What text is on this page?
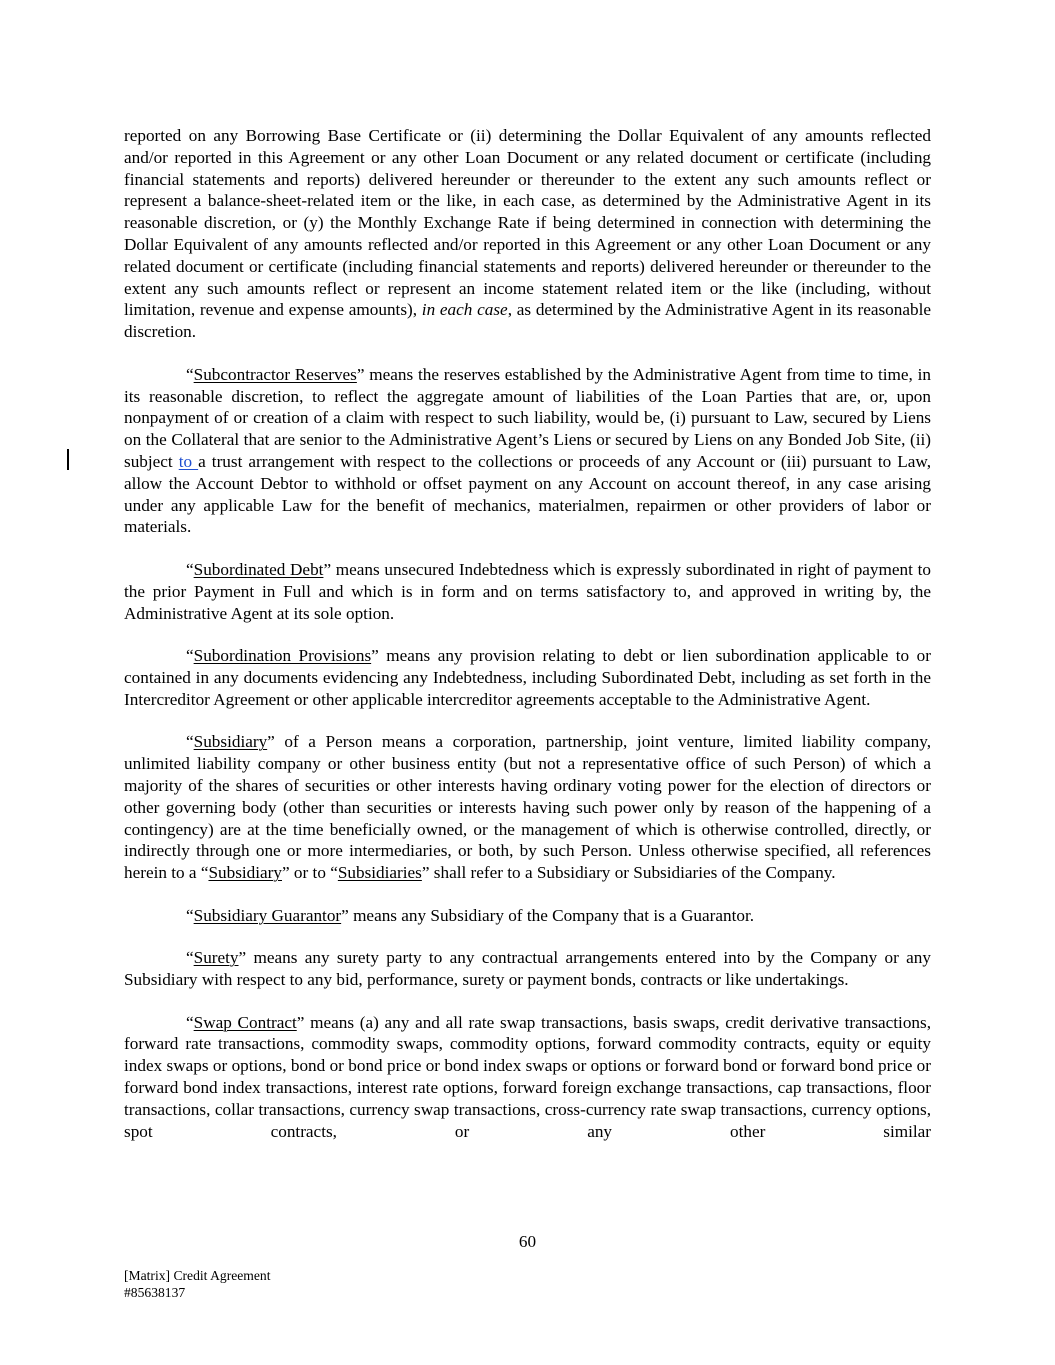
reported on any Borrowing Base Certificate or (ii) determining the Dollar Equivalent of any amounts reflected and/or reported in this Agreement or any other Loan Document or any related document or certificate (including financial statements and reports) delivered hereunder or thereunder to the extent any such amounts reflect or represent a balance-sheet-related item or the like, in each case, as determined by the Administrative Agent in its reasonable discretion, or (y) the Monthly Exchange Rate if being determined in connection with determining the Dollar Equivalent of any amounts reflected and/or reported in this Agreement or any other Loan Document or any related document or certificate (including financial statements and reports) delivered hereunder or thereunder to the extent any such amounts reflect or represent an income statement related item or the like (including, without limitation, revenue and expense amounts), in each case, as determined by the Administrative Agent in its reasonable discretion.

“Subcontractor Reserves” means the reserves established by the Administrative Agent from time to time, in its reasonable discretion, to reflect the aggregate amount of liabilities of the Loan Parties that are, or, upon nonpayment of or creation of a claim with respect to such liability, would be, (i) pursuant to Law, secured by Liens on the Collateral that are senior to the Administrative Agent’s Liens or secured by Liens on any Bonded Job Site, (ii) subject to a trust arrangement with respect to the collections or proceeds of any Account or (iii) pursuant to Law, allow the Account Debtor to withhold or offset payment on any Account on account thereof, in any case arising under any applicable Law for the benefit of mechanics, materialmen, repairmen or other providers of labor or materials.

“Subordinated Debt” means unsecured Indebtedness which is expressly subordinated in right of payment to the prior Payment in Full and which is in form and on terms satisfactory to, and approved in writing by, the Administrative Agent at its sole option.

“Subordination Provisions” means any provision relating to debt or lien subordination applicable to or contained in any documents evidencing any Indebtedness, including Subordinated Debt, including as set forth in the Intercreditor Agreement or other applicable intercreditor agreements acceptable to the Administrative Agent.

“Subsidiary” of a Person means a corporation, partnership, joint venture, limited liability company, unlimited liability company or other business entity (but not a representative office of such Person) of which a majority of the shares of securities or other interests having ordinary voting power for the election of directors or other governing body (other than securities or interests having such power only by reason of the happening of a contingency) are at the time beneficially owned, or the management of which is otherwise controlled, directly, or indirectly through one or more intermediaries, or both, by such Person. Unless otherwise specified, all references herein to a “Subsidiary” or to “Subsidiaries” shall refer to a Subsidiary or Subsidiaries of the Company.

“Subsidiary Guarantor” means any Subsidiary of the Company that is a Guarantor.

“Surety” means any surety party to any contractual arrangements entered into by the Company or any Subsidiary with respect to any bid, performance, surety or payment bonds, contracts or like undertakings.

“Swap Contract” means (a) any and all rate swap transactions, basis swaps, credit derivative transactions, forward rate transactions, commodity swaps, commodity options, forward commodity contracts, equity or equity index swaps or options, bond or bond price or bond index swaps or options or forward bond or forward bond price or forward bond index transactions, interest rate options, forward foreign exchange transactions, cap transactions, floor transactions, collar transactions, currency swap transactions, cross-currency rate swap transactions, currency options, spot contracts, or any other similar

60
[Matrix] Credit Agreement
#85638137
